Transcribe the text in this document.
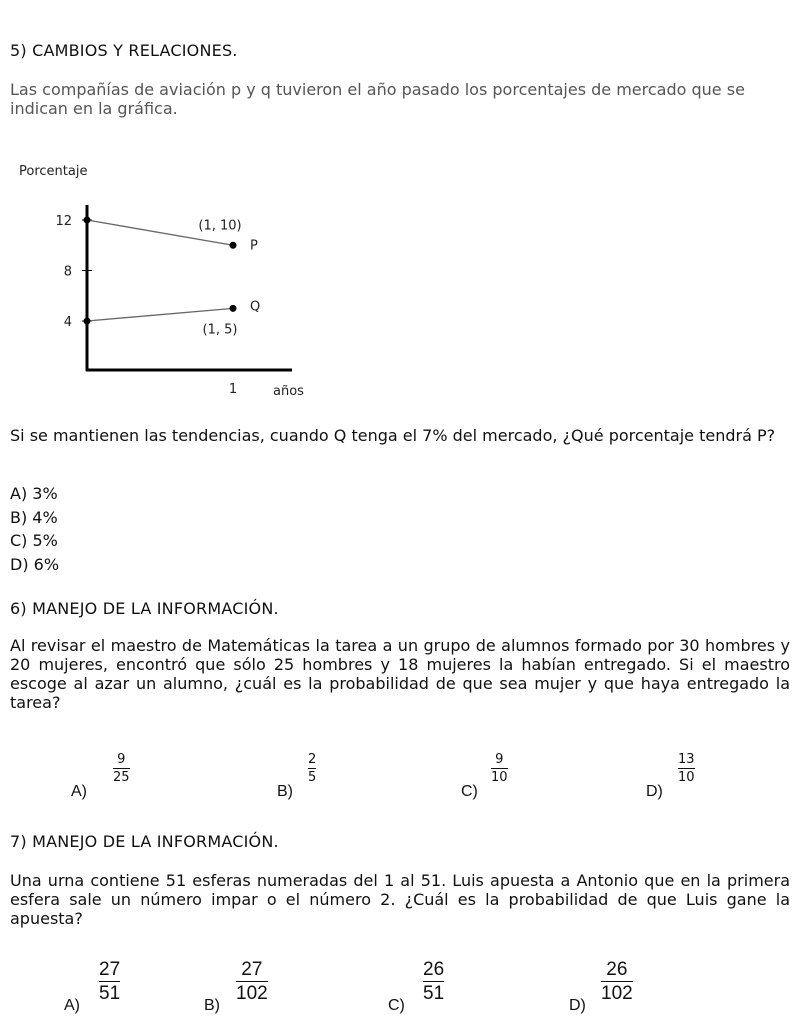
5) CAMBIOS Y RELACIONES.
Las compañías de aviación p y q tuvieron el año pasado los porcentajes de mercado que se indican en la gráfica.
Porcentaje
12
8
4
1
P
(1, 10)
Q
(1, 5)
años
Si se mantienen las tendencias, cuando Q tenga el 7% del mercado, ¿Qué porcentaje tendrá P?
A) 3%
B) 4%
C) 5%
D) 6%
6) MANEJO DE LA INFORMACIÓN.
Al revisar el maestro de Matemáticas la tarea a un grupo de alumnos formado por 30 hombres y 20 mujeres, encontró que sólo 25 hombres y 18 mujeres la habían entregado. Si el maestro escoge al azar un alumno, ¿cuál es la probabilidad de que sea mujer y que haya entregado la tarea?
A)
9
25
B)
2
5
C)
9
10
D)
13
10
7) MANEJO DE LA INFORMACIÓN.
Una urna contiene 51 esferas numeradas del 1 al 51. Luis apuesta a Antonio que en la primera esfera sale un número impar o el número 2. ¿Cuál es la probabilidad de que Luis gane la apuesta?
A)
27
51
B)
27
102
C)
26
51
D)
26
102
